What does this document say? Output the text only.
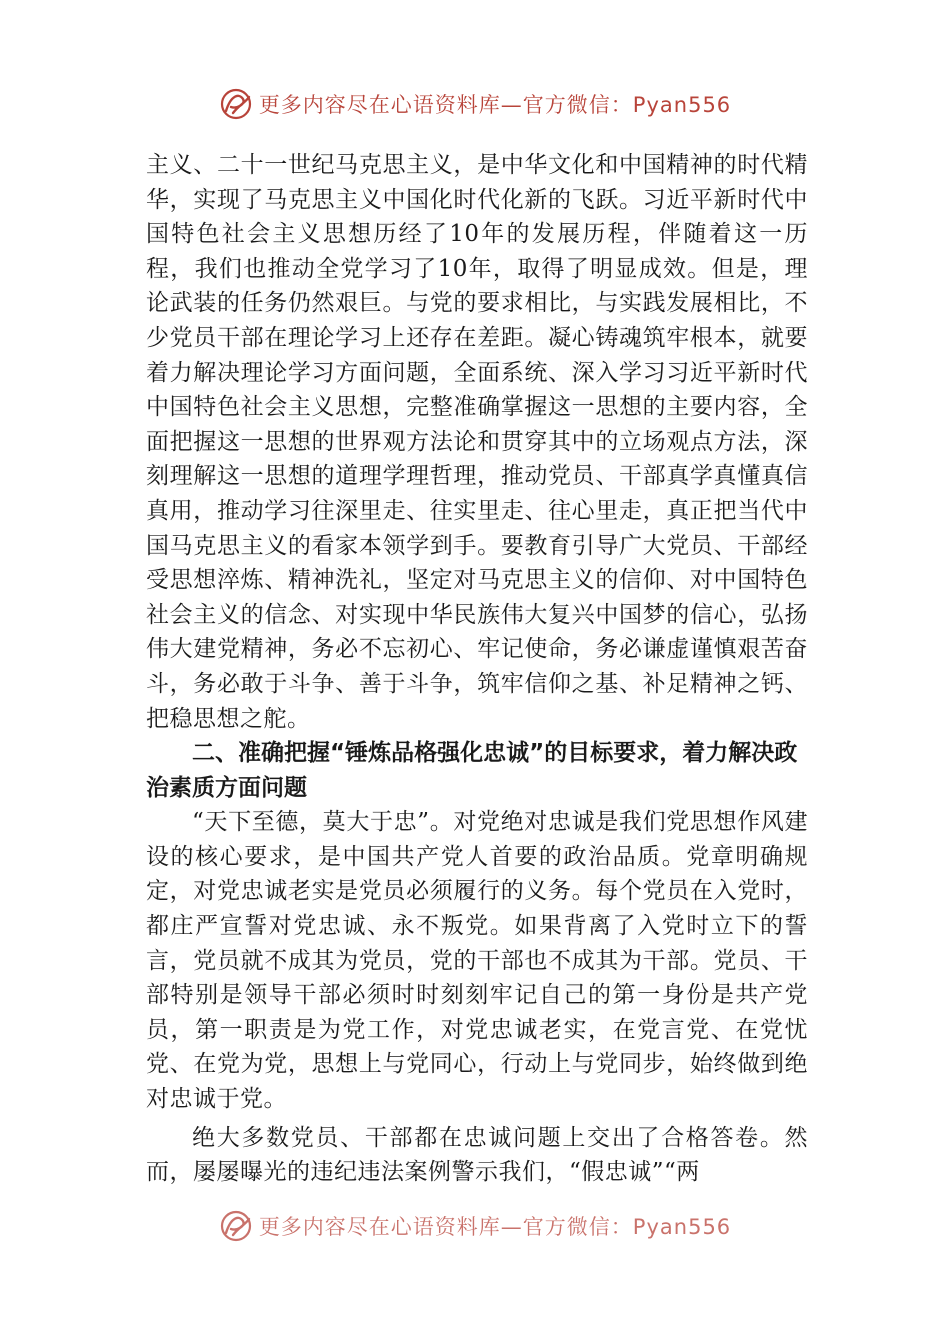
更多内容尽在心语资料库—官方微信：Pyan556

主义、二十一世纪马克思主义，是中华文化和中国精神的时代精华，实现了马克思主义中国化时代化新的飞跃。习近平新时代中国特色社会主义思想历经了10年的发展历程，伴随着这一历程，我们也推动全党学习了10年，取得了明显成效。但是，理论武装的任务仍然艰巨。与党的要求相比，与实践发展相比，不少党员干部在理论学习上还存在差距。凝心铸魂筑牢根本，就要着力解决理论学习方面问题，全面系统、深入学习习近平新时代中国特色社会主义思想，完整准确掌握这一思想的主要内容，全面把握这一思想的世界观方法论和贯穿其中的立场观点方法，深刻理解这一思想的道理学理哲理，推动党员、干部真学真懂真信真用，推动学习往深里走、往实里走、往心里走，真正把当代中国马克思主义的看家本领学到手。要教育引导广大党员、干部经受思想淬炼、精神洗礼，坚定对马克思主义的信仰、对中国特色社会主义的信念、对实现中华民族伟大复兴中国梦的信心，弘扬伟大建党精神，务必不忘初心、牢记使命，务必谦虚谨慎艰苦奋斗，务必敢于斗争、善于斗争，筑牢信仰之基、补足精神之钙、把稳思想之舵。

二、准确把握“锤炼品格强化忠诚”的目标要求，着力解决政治素质方面问题

“天下至德，莫大于忠”。对党绝对忠诚是我们党思想作风建设的核心要求，是中国共产党人首要的政治品质。党章明确规定，对党忠诚老实是党员必须履行的义务。每个党员在入党时，都庄严宣誓对党忠诚、永不叛党。如果背离了入党时立下的誓言，党员就不成其为党员，党的干部也不成其为干部。党员、干部特别是领导干部必须时时刻刻牢记自己的第一身份是共产党员，第一职责是为党工作，对党忠诚老实，在党言党、在党忧党、在党为党，思想上与党同心，行动上与党同步，始终做到绝对忠诚于党。

绝大多数党员、干部都在忠诚问题上交出了合格答卷。然而，屡屡曝光的违纪违法案例警示我们，“假忠诚”“两

更多内容尽在心语资料库—官方微信：Pyan556
